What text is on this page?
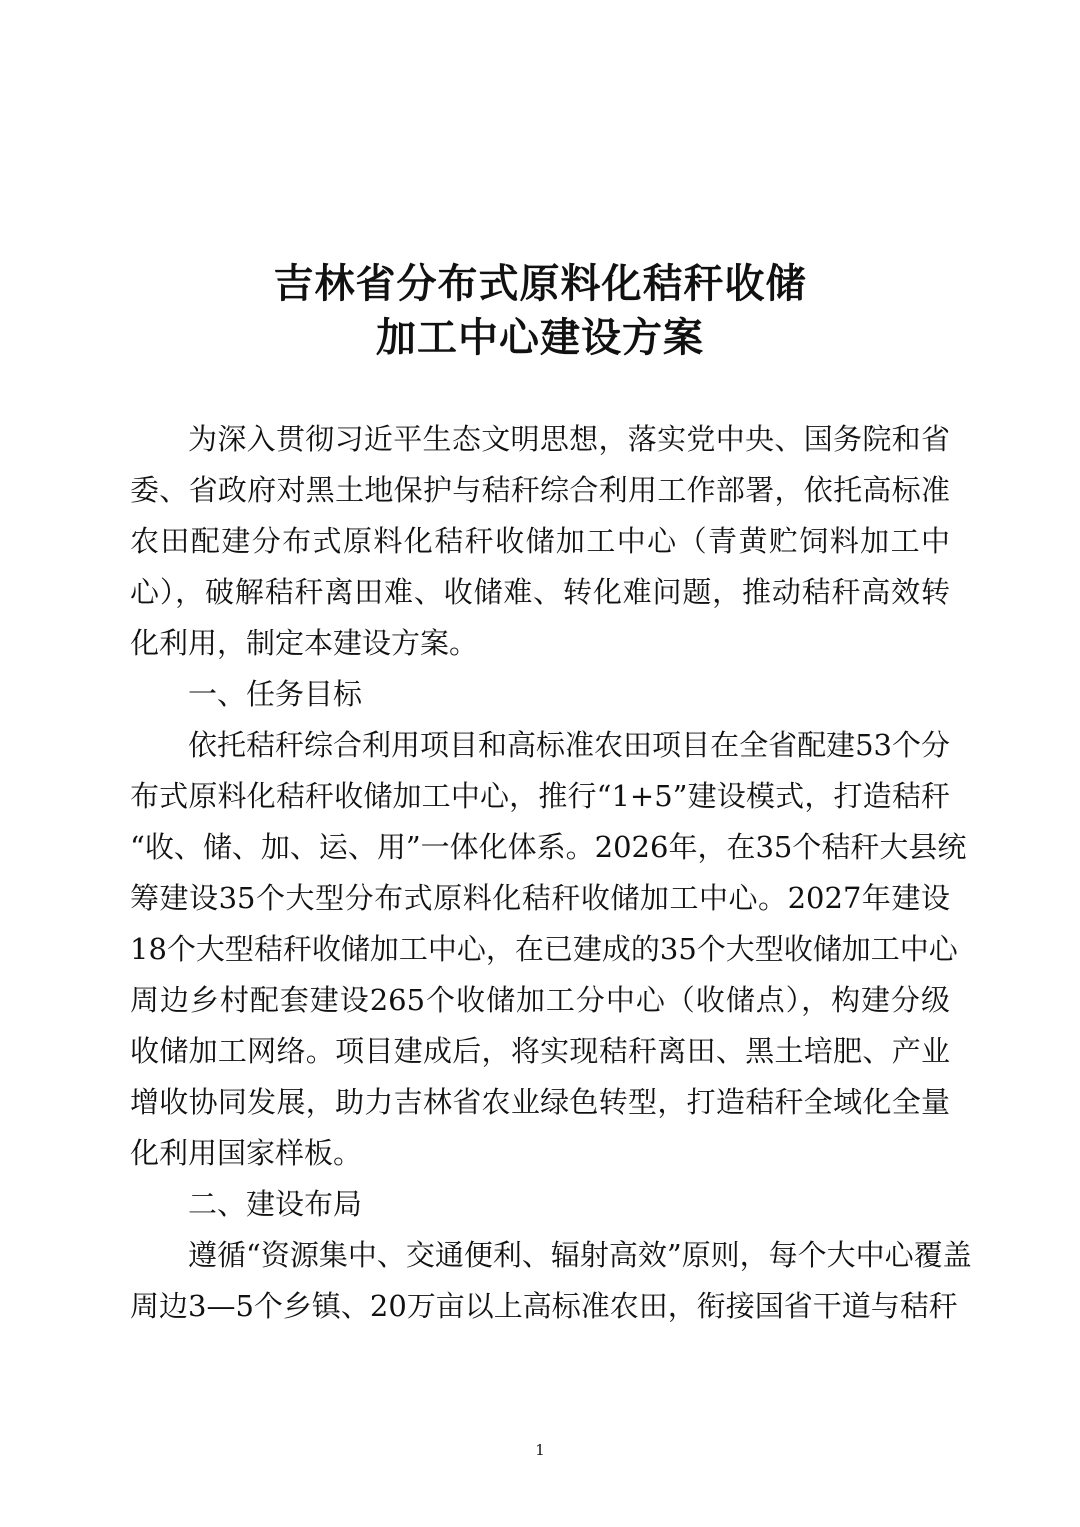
吉林省分布式原料化秸秆收储
加工中心建设方案
为深入贯彻习近平生态文明思想，落实党中央、国务院和省
委、省政府对黑土地保护与秸秆综合利用工作部署，依托高标准
农田配建分布式原料化秸秆收储加工中心（青黄贮饲料加工中
心），破解秸秆离田难、收储难、转化难问题，推动秸秆高效转
化利用，制定本建设方案。
一、任务目标
依托秸秆综合利用项目和高标准农田项目在全省配建53个分
布式原料化秸秆收储加工中心，推行“1+5”建设模式，打造秸秆
“收、储、加、运、用”一体化体系。2026年，在35个秸秆大县统
筹建设35个大型分布式原料化秸秆收储加工中心。2027年建设
18个大型秸秆收储加工中心，在已建成的35个大型收储加工中心
周边乡村配套建设265个收储加工分中心（收储点），构建分级
收储加工网络。项目建成后，将实现秸秆离田、黑土培肥、产业
增收协同发展，助力吉林省农业绿色转型，打造秸秆全域化全量
化利用国家样板。
二、建设布局
遵循“资源集中、交通便利、辐射高效”原则，每个大中心覆盖
周边3—5个乡镇、20万亩以上高标准农田，衔接国省干道与秸秆
1
